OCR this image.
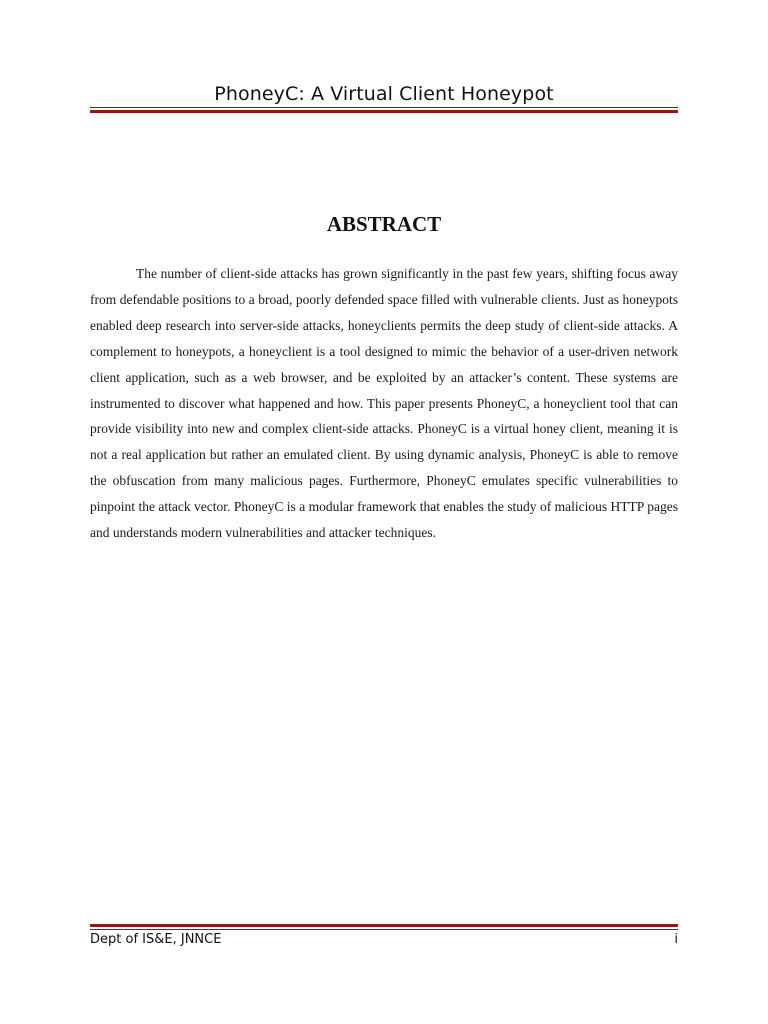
PhoneyC: A Virtual Client Honeypot
ABSTRACT

The number of client-side attacks has grown significantly in the past few years, shifting focus away from defendable positions to a broad, poorly defended space filled with vulnerable clients. Just as honeypots enabled deep research into server-side attacks, honeyclients permits the deep study of client-side attacks. A complement to honeypots, a honeyclient is a tool designed to mimic the behavior of a user-driven network client application, such as a web browser, and be exploited by an attacker’s content. These systems are instrumented to discover what happened and how. This paper presents PhoneyC, a honeyclient tool that can provide visibility into new and complex client-side attacks. PhoneyC is a virtual honey client, meaning it is not a real application but rather an emulated client. By using dynamic analysis, PhoneyC is able to remove the obfuscation from many malicious pages. Furthermore, PhoneyC emulates specific vulnerabilities to pinpoint the attack vector. PhoneyC is a modular framework that enables the study of malicious HTTP pages and understands modern vulnerabilities and attacker techniques.

Dept of IS&E, JNNCE	i
